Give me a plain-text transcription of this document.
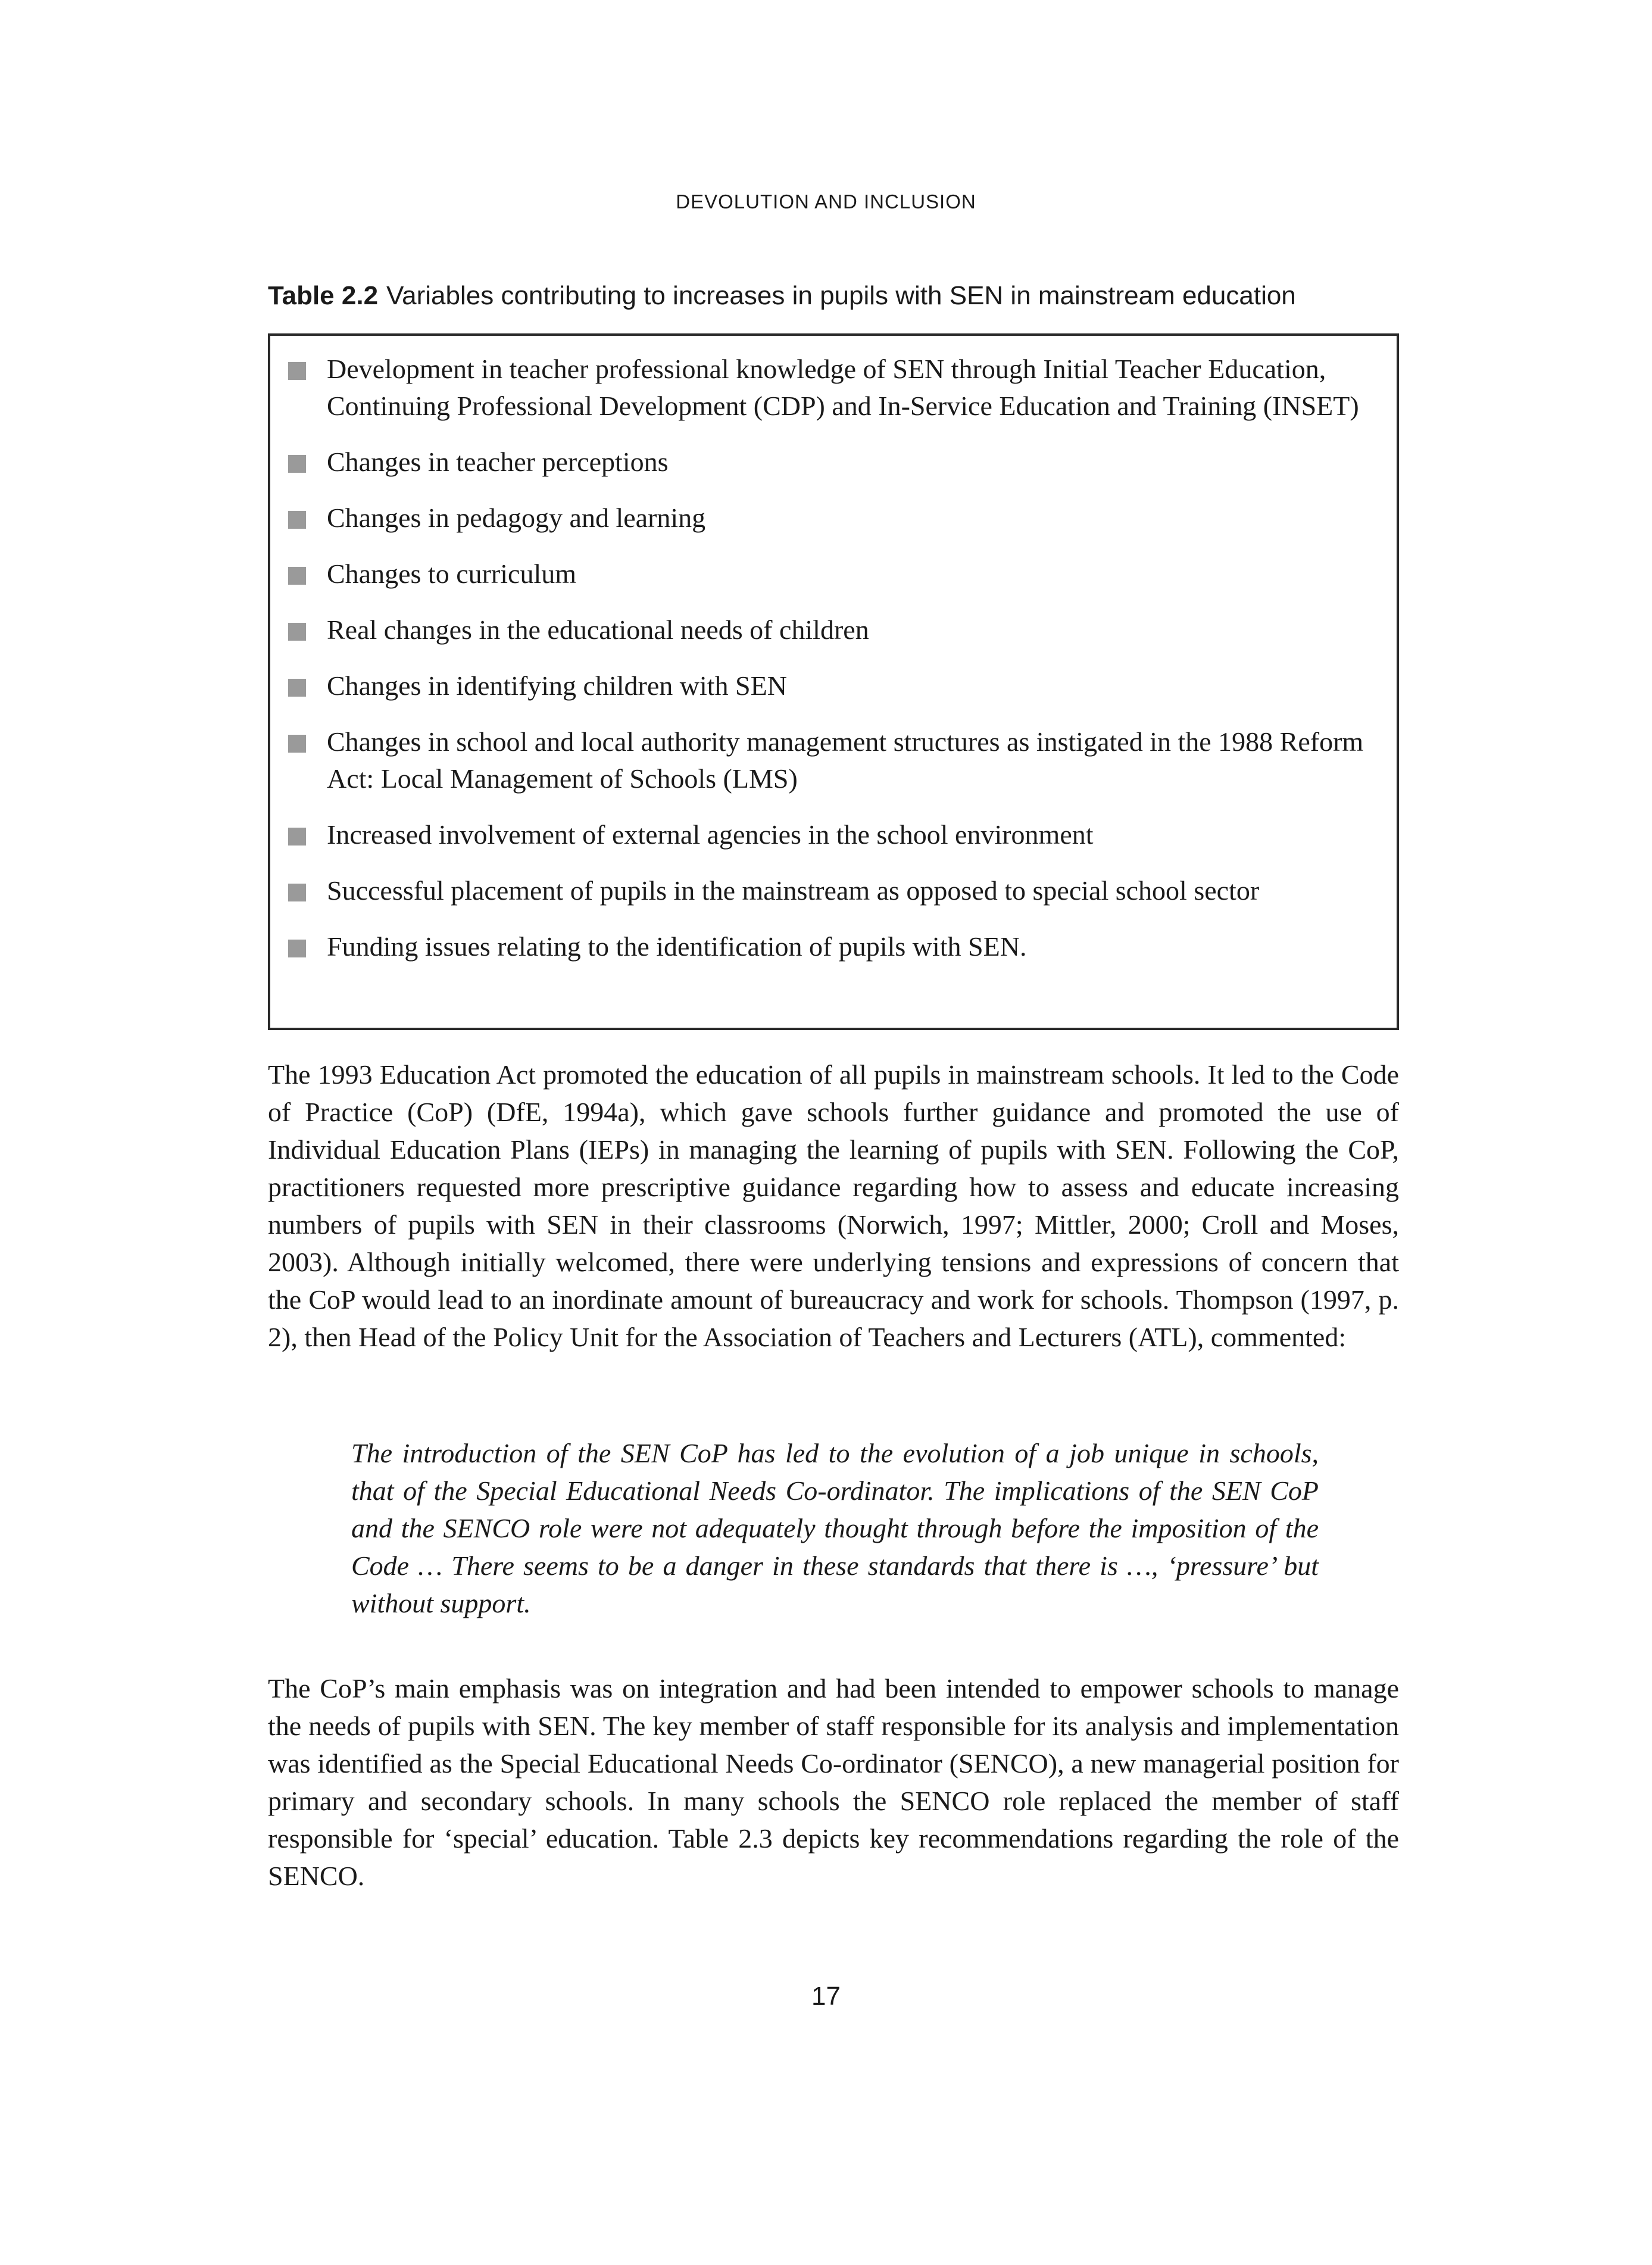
DEVOLUTION AND INCLUSION
Table 2.2 Variables contributing to increases in pupils with SEN in mainstream education
Development in teacher professional knowledge of SEN through Initial Teacher Education, Continuing Professional Development (CDP) and In-Service Education and Training (INSET)
Changes in teacher perceptions
Changes in pedagogy and learning
Changes to curriculum
Real changes in the educational needs of children
Changes in identifying children with SEN
Changes in school and local authority management structures as instigated in the 1988 Reform Act: Local Management of Schools (LMS)
Increased involvement of external agencies in the school environment
Successful placement of pupils in the mainstream as opposed to special school sector
Funding issues relating to the identification of pupils with SEN.

The 1993 Education Act promoted the education of all pupils in mainstream schools. It led to the Code of Practice (CoP) (DfE, 1994a), which gave schools further guidance and promoted the use of Individual Education Plans (IEPs) in managing the learning of pupils with SEN. Following the CoP, practitioners requested more prescriptive guidance regarding how to assess and educate increasing numbers of pupils with SEN in their classrooms (Norwich, 1997; Mittler, 2000; Croll and Moses, 2003). Although initially welcomed, there were underlying tensions and expressions of concern that the CoP would lead to an inordinate amount of bureaucracy and work for schools. Thompson (1997, p. 2), then Head of the Policy Unit for the Association of Teachers and Lecturers (ATL), commented:

The introduction of the SEN CoP has led to the evolution of a job unique in schools, that of the Special Educational Needs Co-ordinator. The implications of the SEN CoP and the SENCO role were not adequately thought through before the imposition of the Code … There seems to be a danger in these standards that there is …, ‘pressure’ but without support.

The CoP’s main emphasis was on integration and had been intended to empower schools to manage the needs of pupils with SEN. The key member of staff responsible for its analysis and implementation was identified as the Special Educational Needs Co-ordinator (SENCO), a new managerial position for primary and secondary schools. In many schools the SENCO role replaced the member of staff responsible for ‘special’ education. Table 2.3 depicts key recommendations regarding the role of the SENCO.

17
